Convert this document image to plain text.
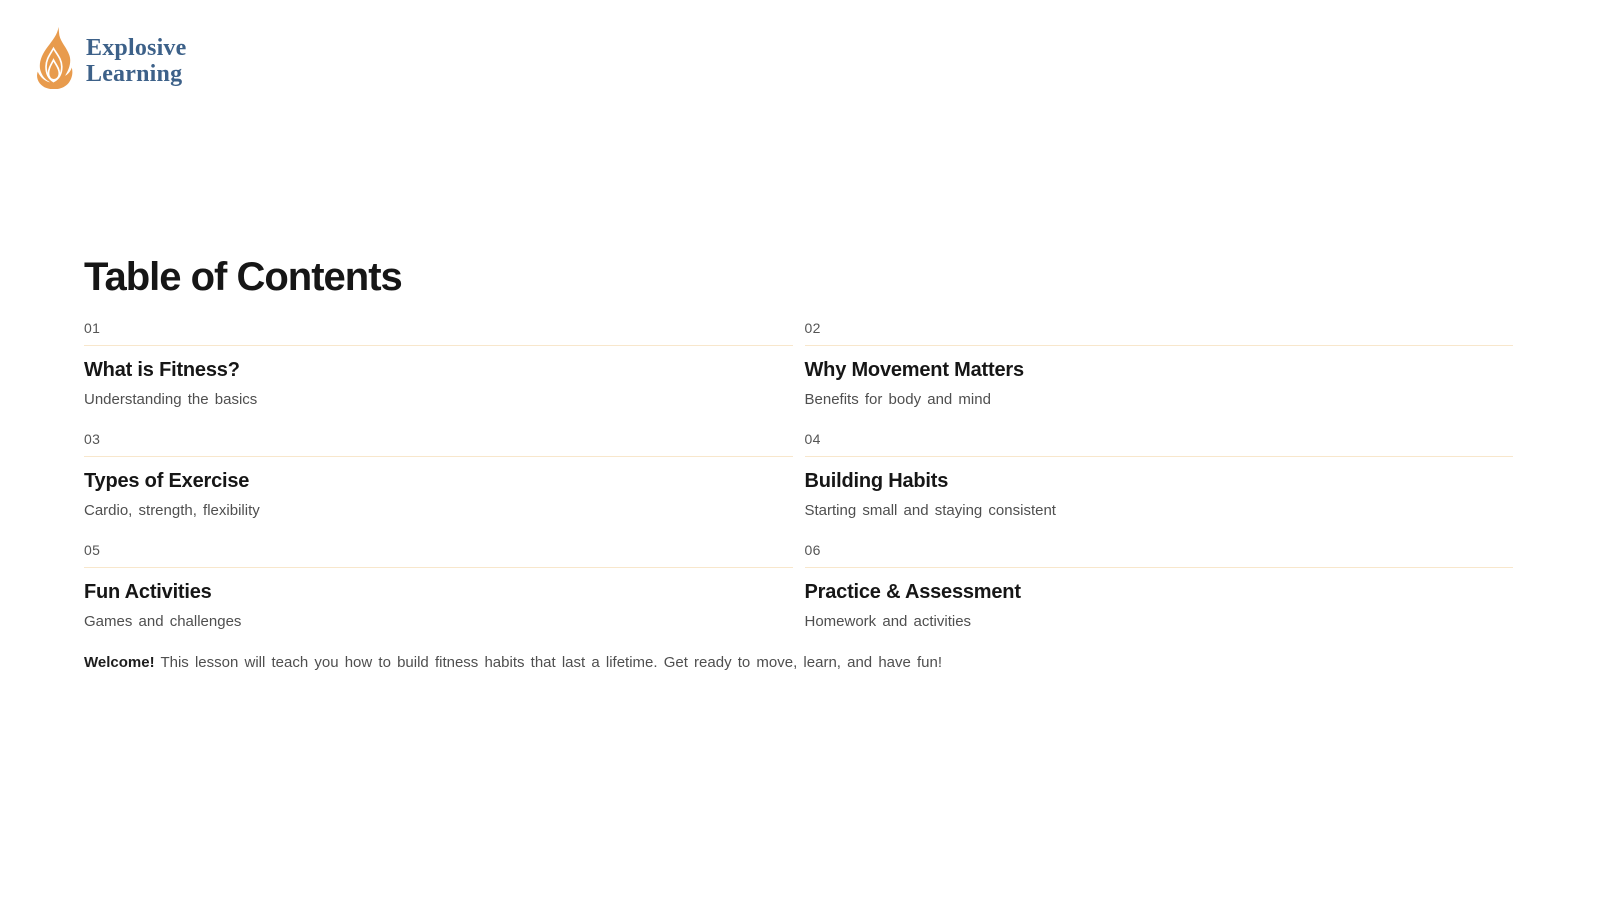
Explosive
Learning
Table of Contents
01
What is Fitness?
Understanding the basics
02
Why Movement Matters
Benefits for body and mind
03
Types of Exercise
Cardio, strength, flexibility
04
Building Habits
Starting small and staying consistent
05
Fun Activities
Games and challenges
06
Practice & Assessment
Homework and activities
Welcome! This lesson will teach you how to build fitness habits that last a lifetime. Get ready to move, learn, and have fun!
